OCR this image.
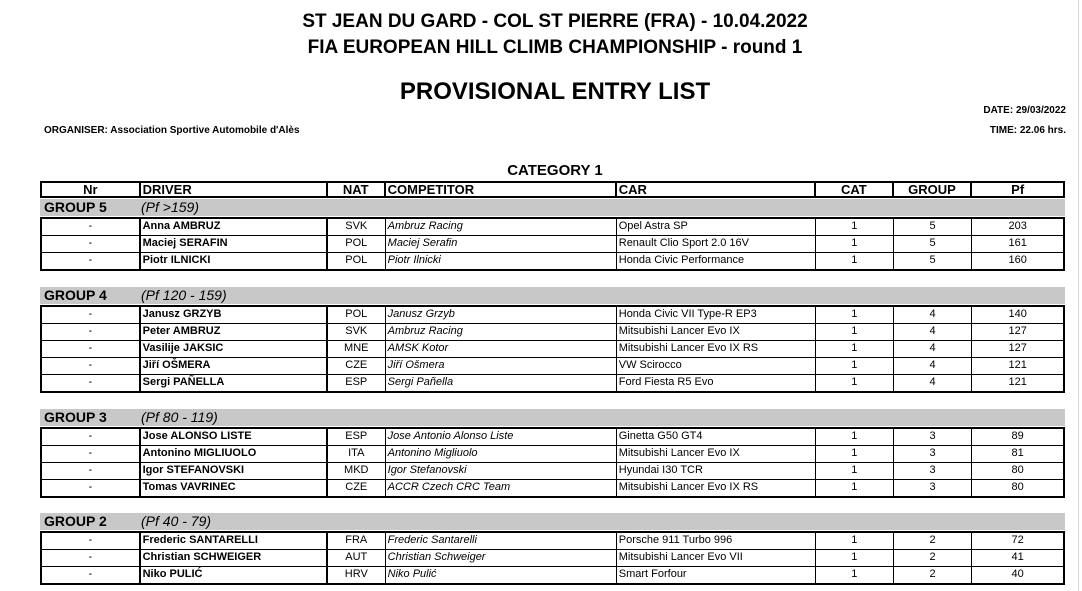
ST JEAN DU GARD - COL ST PIERRE (FRA) - 10.04.2022
FIA EUROPEAN HILL CLIMB CHAMPIONSHIP - round 1
PROVISIONAL ENTRY LIST
DATE: 29/03/2022
ORGANISER: Association Sportive Automobile d'Alès	TIME: 22.06 hrs.
CATEGORY 1
Nr	DRIVER	NAT	COMPETITOR	CAR	CAT	GROUP	Pf
GROUP 5 (Pf >159)
-	Anna AMBRUZ	SVK	Ambruz Racing	Opel Astra SP	1	5	203
-	Maciej SERAFIN	POL	Maciej Serafin	Renault Clio Sport 2.0 16V	1	5	161
-	Piotr ILNICKI	POL	Piotr Ilnicki	Honda Civic Performance	1	5	160
GROUP 4 (Pf 120 - 159)
-	Janusz GRZYB	POL	Janusz Grzyb	Honda Civic VII Type-R EP3	1	4	140
-	Peter AMBRUZ	SVK	Ambruz Racing	Mitsubishi Lancer Evo IX	1	4	127
-	Vasilije JAKSIC	MNE	AMSK Kotor	Mitsubishi Lancer Evo IX RS	1	4	127
-	Jiří OŠMERA	CZE	Jiří Ošmera	VW Scirocco	1	4	121
-	Sergi PAÑELLA	ESP	Sergi Pañella	Ford Fiesta R5 Evo	1	4	121
GROUP 3 (Pf 80 - 119)
-	Jose ALONSO LISTE	ESP	Jose Antonio Alonso Liste	Ginetta G50 GT4	1	3	89
-	Antonino MIGLIUOLO	ITA	Antonino Migliuolo	Mitsubishi Lancer Evo IX	1	3	81
-	Igor STEFANOVSKI	MKD	Igor Stefanovski	Hyundai I30 TCR	1	3	80
-	Tomas VAVRINEC	CZE	ACCR Czech CRC Team	Mitsubishi Lancer Evo IX RS	1	3	80
GROUP 2 (Pf 40 - 79)
-	Frederic SANTARELLI	FRA	Frederic Santarelli	Porsche 911 Turbo 996	1	2	72
-	Christian SCHWEIGER	AUT	Christian Schweiger	Mitsubishi Lancer Evo VII	1	2	41
-	Niko PULIĆ	HRV	Niko Pulić	Smart Forfour	1	2	40
